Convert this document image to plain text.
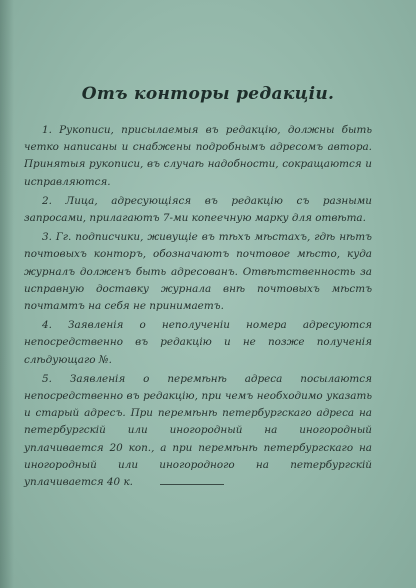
Отъ конторы редакціи.

1. Рукописи, присылаемыя въ редакцію, должны быть четко написаны и снабжены подробнымъ адресомъ автора. Принятыя рукописи, въ случаѣ надобности, сокращаются и исправляются.

2. Лица, адресующіяся въ редакцію съ разными запросами, прилагаютъ 7-ми копеечную марку для отвѣта.

3. Гг. подписчики, живущіе въ тѣхъ мѣстахъ, гдѣ нѣтъ почтовыхъ конторъ, обозначаютъ почтовое мѣсто, куда журналъ долженъ быть адресованъ. Отвѣтственность за исправную доставку журнала внѣ почтовыхъ мѣстъ почтамтъ на себя не принимаетъ.

4. Заявленія о неполученіи номера адресуются непосредственно въ редакцію и не позже полученія слѣдующаго №.

5. Заявленія о перемѣнѣ адреса посылаются непосредственно въ редакцію, при чемъ необходимо указать и старый адресъ. При перемѣнѣ петербургскаго адреса на петербургскій или иногородный на иногородный уплачивается 20 коп., а при перемѣнѣ петербургскаго на иногородный или иногородного на петербургскій уплачивается 40 к.
